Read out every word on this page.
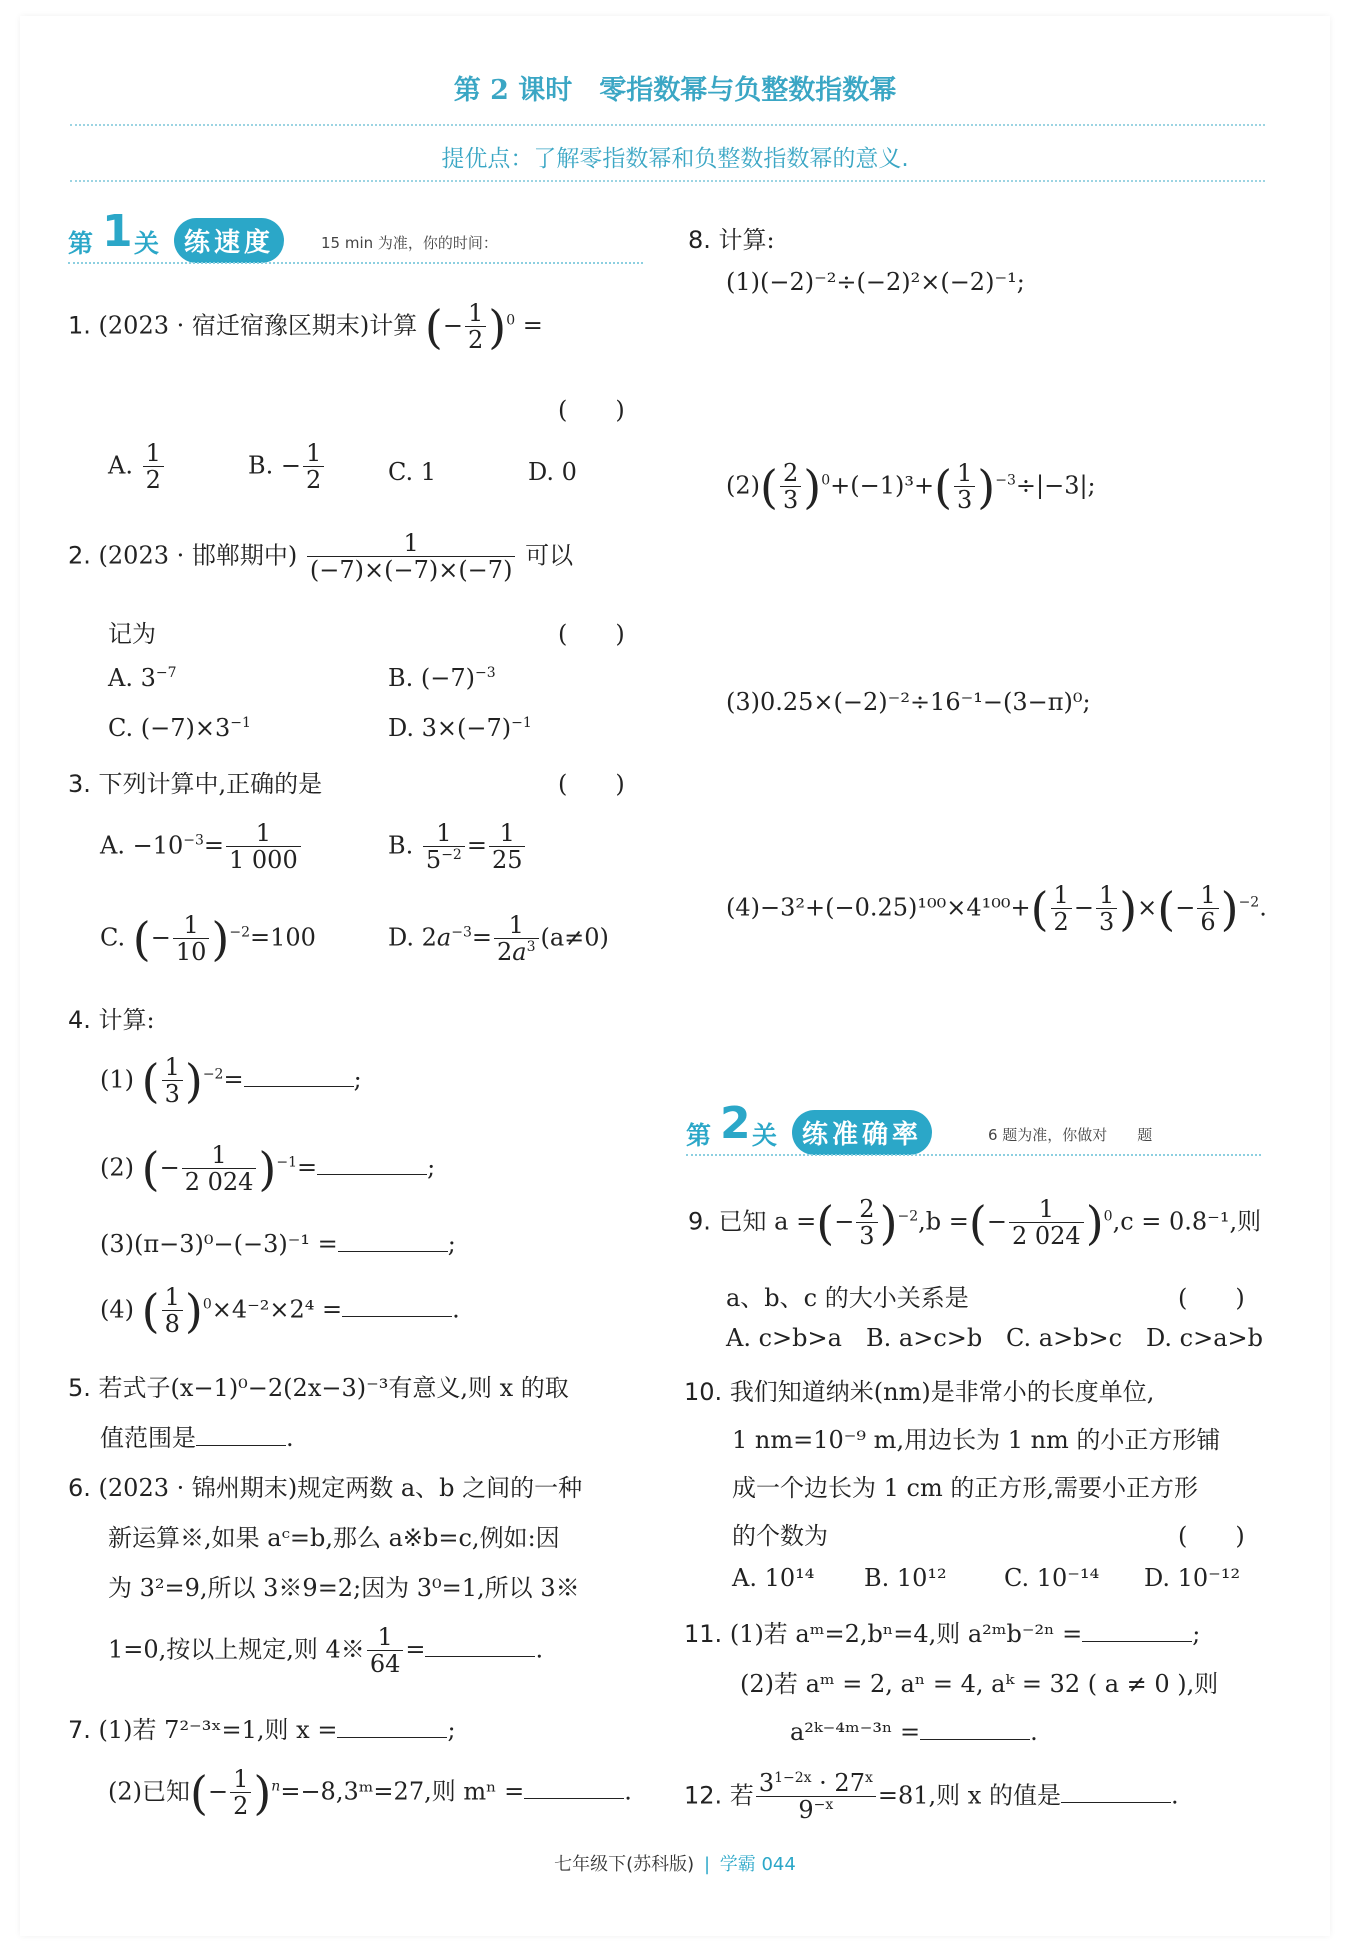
第 2 课时　零指数幂与负整数指数幂
提优点：了解零指数幂和负整数指数幂的意义.
第 1 关 练速度	15 min 为准，你的时间：
1. (2023 · 宿迁宿豫区期末)计算 (− $\frac{1}{2} )^0$ =
(　　)
A. $\frac{1}{2}$	B. − $\frac{1}{2}$	C. 1	D. 0
2. (2023 · 邯郸期中) $\frac{1}{(-7)\times(-7)\times(-7)}$ 可以
记为	(　　)
A. $3^{-7}$	B. $(-7)^{-3}$
C. $(-7)\times 3^{-1}$	D. $3\times(-7)^{-1}$
3. 下列计算中,正确的是	(　　)
A. $-10^{-3}= \frac{1}{1 000}$	B. $\frac{1}{5^{-2}} = \frac{1}{25}$
C. (− $\frac{1}{10} )^{-2}=100$	D. $2a^{-3}= \frac{1}{2a^3} (a\ne 0)$
4. 计算:
(1) ( $\frac{1}{3} )^{-2}=$	;
(2) (− $\frac{1}{2 024} )^{-1}=$	;
(3)(π−3)⁰−(−3)⁻¹ =	;
(4) ( $\frac{1}{8} )^0\times 4^{-2}\times 2^4$ =	.
5. 若式子(x−1)⁰−2(2x−3)⁻³有意义,则 x 的取
值范围是	.
6. (2023 · 锦州期末)规定两数 a、b 之间的一种
新运算※,如果 aᶜ=b,那么 a※b=c,例如:因
为 3²=9,所以 3※9=2;因为 3⁰=1,所以 3※
1=0,按以上规定,则 4※ $\frac{1}{64}$ =	.
7. (1)若 7²⁻³ˣ=1,则 x =	;
(2)已知(− $\frac{1}{2}$ )$^n$=−8,3ᵐ=27,则 mⁿ =	.
8. 计算:
(1)(−2)⁻²÷(−2)²×(−2)⁻¹;
$(2)( \frac{2}{3} )^0+(-1)^3+( \frac{1}{3} )^{-3}\div|-3|$;
(3)0.25×(−2)⁻²÷16⁻¹−(3−π)⁰;
$(4)-3^2+(-0.25)^{100}\times 4^{100}+( \frac{1}{2} - \frac{1}{3}$ )×(− $\frac{1}{6} )^{-2}$.
第 2 关 练准确率	6 题为准，你做对　　题
9. 已知 a =(− $\frac{2}{3} )^{-2},b$ =(− $\frac{1}{2 024} )^0,c = 0.8^{-1}$,则
a、b、c 的大小关系是	(　　)
A. c>b>a B. a>c>b C. a>b>c D. c>a>b
10. 我们知道纳米(nm)是非常小的长度单位,
1 nm=10⁻⁹ m,用边长为 1 nm 的小正方形铺
成一个边长为 1 cm 的正方形,需要小正方形
的个数为	(　　)
A. 10¹⁴ B. 10¹² C. 10⁻¹⁴ D. 10⁻¹²
11. (1)若 aᵐ=2,bⁿ=4,则 a²ᵐb⁻²ⁿ =	;
(2)若 aᵐ = 2, aⁿ = 4, aᵏ = 32 ( a ≠ 0 ),则
a²ᵏ⁻⁴ᵐ⁻³ⁿ =	.
12. 若 $\frac{3^{1-2x} \cdot 27^x}{9^{-x}} =81$,则 x 的值是	.
七年级下(苏科版) | 学霸 044
